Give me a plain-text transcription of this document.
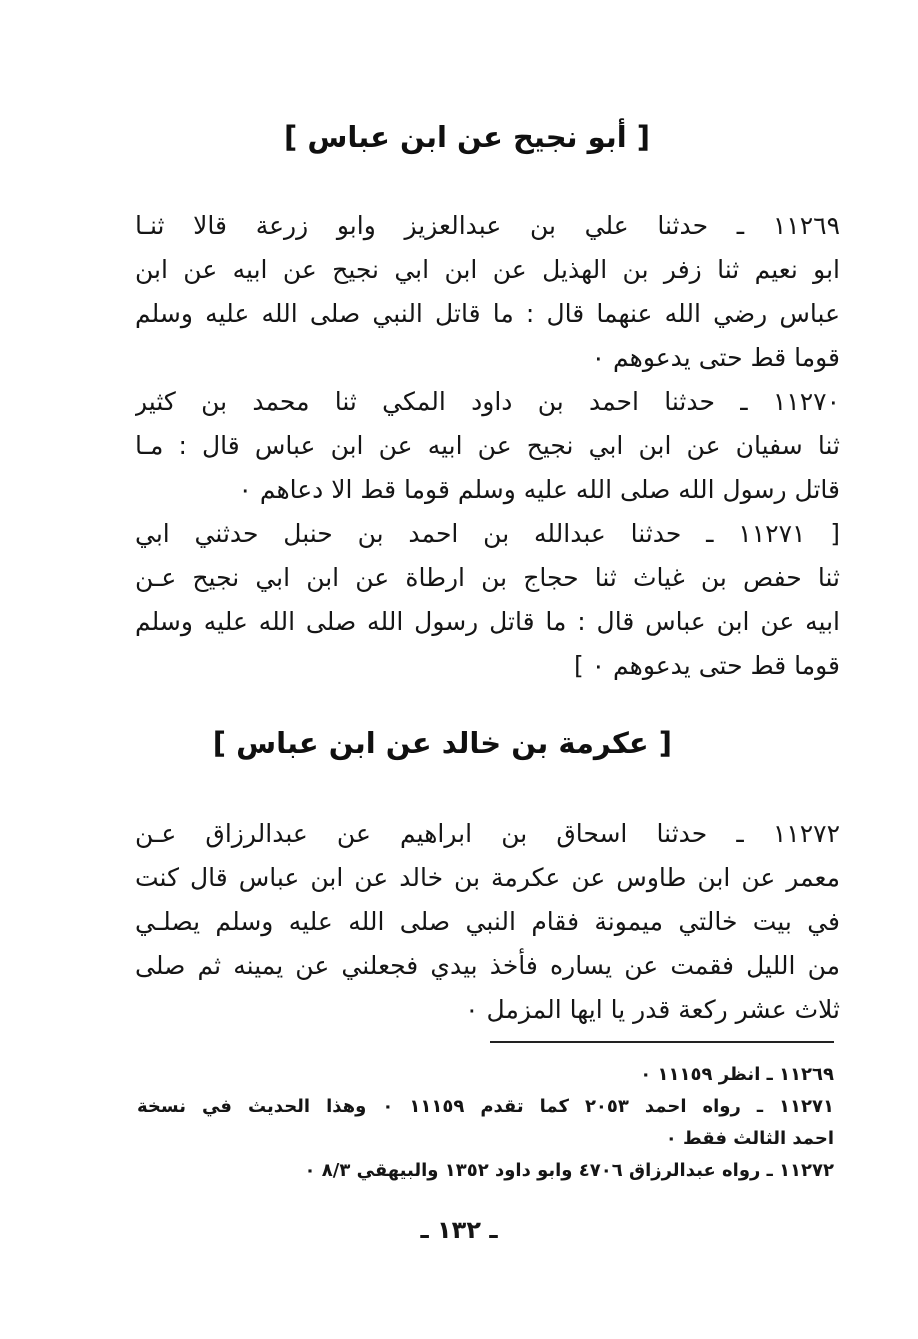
[ أبو نجيح عن ابن عباس ]
١١٢٦٩ ـ حدثنا علي بن عبدالعزيز وابو زرعة قالا ثنـا
ابو نعيم ثنا زفر بن الهذيل عن ابن ابي نجيح عن ابيه عن ابن
عباس رضي الله عنهما قال : ما قاتل النبي صلى الله عليه وسلم
قوما قط حتى يدعوهم ٠
١١٢٧٠ ـ حدثنا احمد بن داود المكي ثنا محمد بن كثير
ثنا سفيان عن ابن ابي نجيح عن ابيه عن ابن عباس قال : مـا
قاتل رسول الله صلى الله عليه وسلم قوما قط الا دعاهم ٠
[ ١١٢٧١ ـ حدثنا عبدالله بن احمد بن حنبل حدثني ابي
ثنا حفص بن غياث ثنا حجاج بن ارطاة عن ابن ابي نجيح عـن
ابيه عن ابن عباس قال : ما قاتل رسول الله صلى الله عليه وسلم
قوما قط حتى يدعوهم ٠ ]
[ عكرمة بن خالد عن ابن عباس ]
١١٢٧٢ ـ حدثنا اسحاق بن ابراهيم عن عبدالرزاق عـن
معمر عن ابن طاوس عن عكرمة بن خالد عن ابن عباس قال كنت
في بيت خالتي ميمونة فقام النبي صلى الله عليه وسلم يصلـي
من الليل فقمت عن يساره فأخذ بيدي فجعلني عن يمينه ثم صلى
ثلاث عشر ركعة قدر يا ايها المزمل ٠
١١٢٦٩ ـ انظر ١١١٥٩ ٠
١١٢٧١ ـ رواه احمد ٢٠٥٣ كما تقدم ١١١٥٩ ٠ وهذا الحديث في نسخة
احمد الثالث فقط ٠
١١٢٧٢ ـ رواه عبدالرزاق ٤٧٠٦ وابو داود ١٣٥٢ والبيهقي ٨/٣ ٠
ـ ١٣٢ ـ
